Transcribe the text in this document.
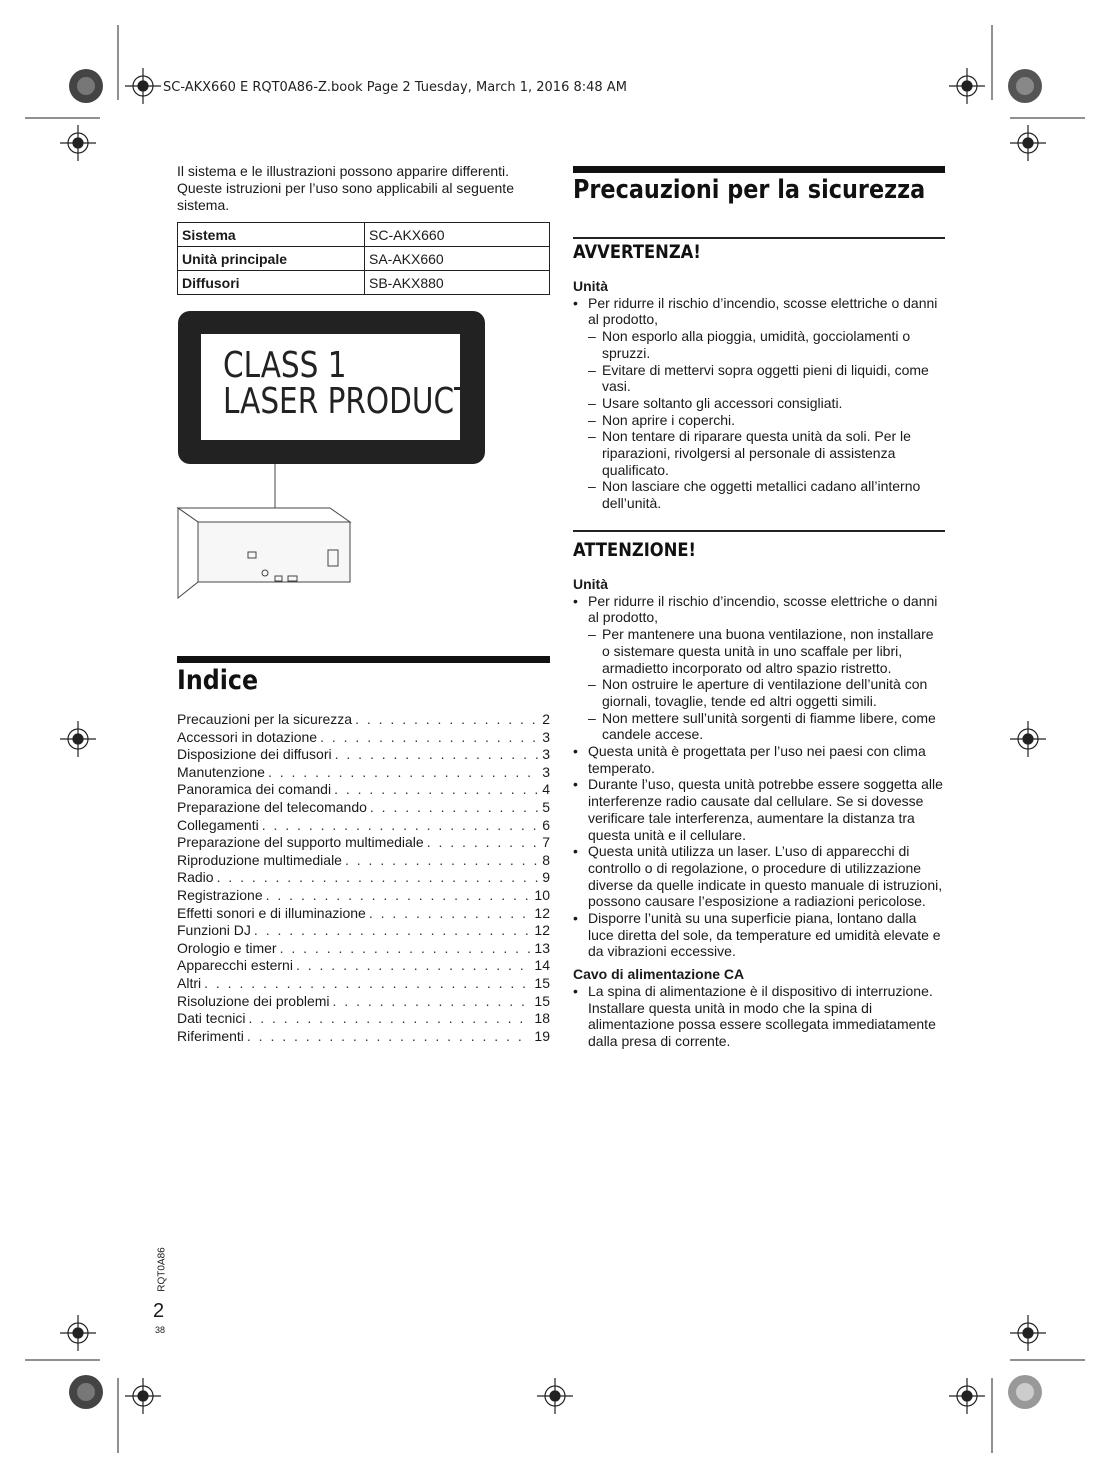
SC-AKX660 E RQT0A86-Z.book Page 2 Tuesday, March 1, 2016 8:48 AM
Il sistema e le illustrazioni possono apparire differenti. Queste istruzioni per l’uso sono applicabili al seguente sistema.
Sistema	SC-AKX660
Unità principale	SA-AKX660
Diffusori	SB-AKX880
CLASS 1
LASER PRODUCT
Indice
Precauzioni per la sicurezza . . .	2
Accessori in dotazione . . .	3
Disposizione dei diffusori . . .	3
Manutenzione . . .	3
Panoramica dei comandi . . .	4
Preparazione del telecomando . . .	5
Collegamenti . . .	6
Preparazione del supporto multimediale . . .	7
Riproduzione multimediale . . .	8
Radio . . .	9
Registrazione . . .	10
Effetti sonori e di illuminazione . . .	12
Funzioni DJ . . .	12
Orologio e timer . . .	13
Apparecchi esterni . . .	14
Altri . . .	15
Risoluzione dei problemi . . .	15
Dati tecnici . . .	18
Riferimenti . . .	19
Precauzioni per la sicurezza
AVVERTENZA!
Unità
• Per ridurre il rischio d’incendio, scosse elettriche o danni al prodotto,
– Non esporlo alla pioggia, umidità, gocciolamenti o spruzzi.
– Evitare di mettervi sopra oggetti pieni di liquidi, come vasi.
– Usare soltanto gli accessori consigliati.
– Non aprire i coperchi.
– Non tentare di riparare questa unità da soli. Per le riparazioni, rivolgersi al personale di assistenza qualificato.
– Non lasciare che oggetti metallici cadano all’interno dell’unità.
ATTENZIONE!
Unità
• Per ridurre il rischio d’incendio, scosse elettriche o danni al prodotto,
– Per mantenere una buona ventilazione, non installare o sistemare questa unità in uno scaffale per libri, armadietto incorporato od altro spazio ristretto.
– Non ostruire le aperture di ventilazione dell’unità con giornali, tovaglie, tende ed altri oggetti simili.
– Non mettere sull’unità sorgenti di fiamme libere, come candele accese.
• Questa unità è progettata per l’uso nei paesi con clima temperato.
• Durante l’uso, questa unità potrebbe essere soggetta alle interferenze radio causate dal cellulare. Se si dovesse verificare tale interferenza, aumentare la distanza tra questa unità e il cellulare.
• Questa unità utilizza un laser. L’uso di apparecchi di controllo o di regolazione, o procedure di utilizzazione diverse da quelle indicate in questo manuale di istruzioni, possono causare l’esposizione a radiazioni pericolose.
• Disporre l’unità su una superficie piana, lontano dalla luce diretta del sole, da temperature ed umidità elevate e da vibrazioni eccessive.
Cavo di alimentazione CA
• La spina di alimentazione è il dispositivo di interruzione. Installare questa unità in modo che la spina di alimentazione possa essere scollegata immediatamente dalla presa di corrente.
RQT0A86
2
38
